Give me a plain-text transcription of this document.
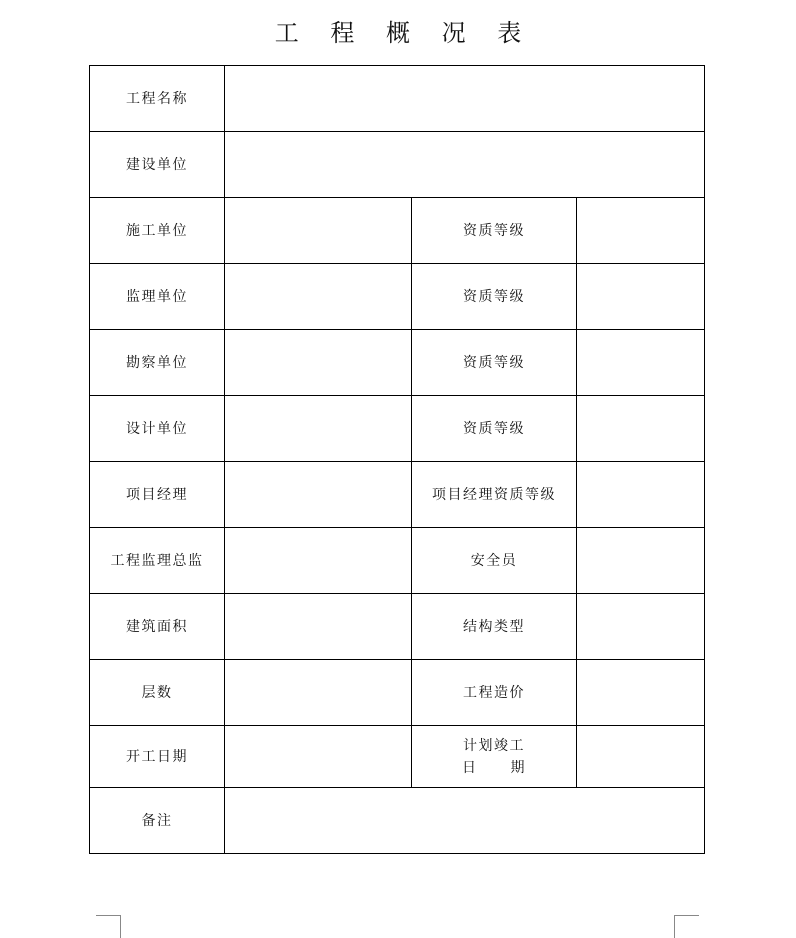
工 程 概 况 表
工程名称			
建设单位			
施工单位		资质等级	
监理单位		资质等级	
勘察单位		资质等级	
设计单位		资质等级	
项目经理		项目经理资质等级	
工程监理总监		安全员	
建筑面积		结构类型	
层数		工程造价	
开工日期		计划竣工
日 期	

备注			
